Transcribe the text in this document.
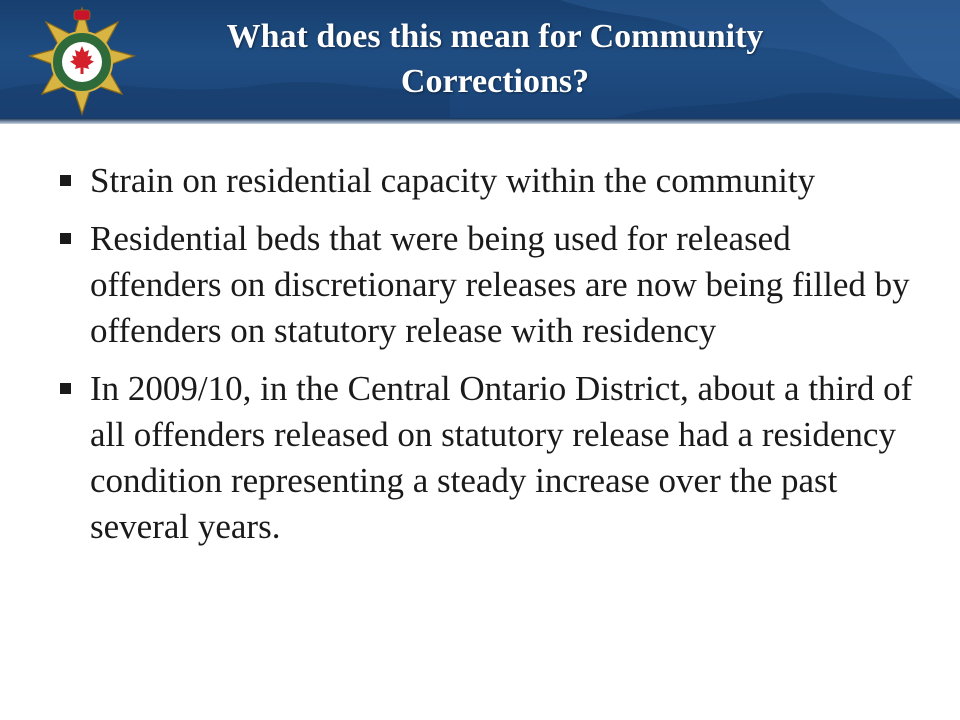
What does this mean for Community Corrections?
Strain on residential capacity within the community
Residential beds that were being used for released offenders on discretionary releases are now being filled by offenders on statutory release with residency
In 2009/10, in the Central Ontario District, about a third of all offenders released on statutory release had a residency condition representing a steady increase over the past several years.
